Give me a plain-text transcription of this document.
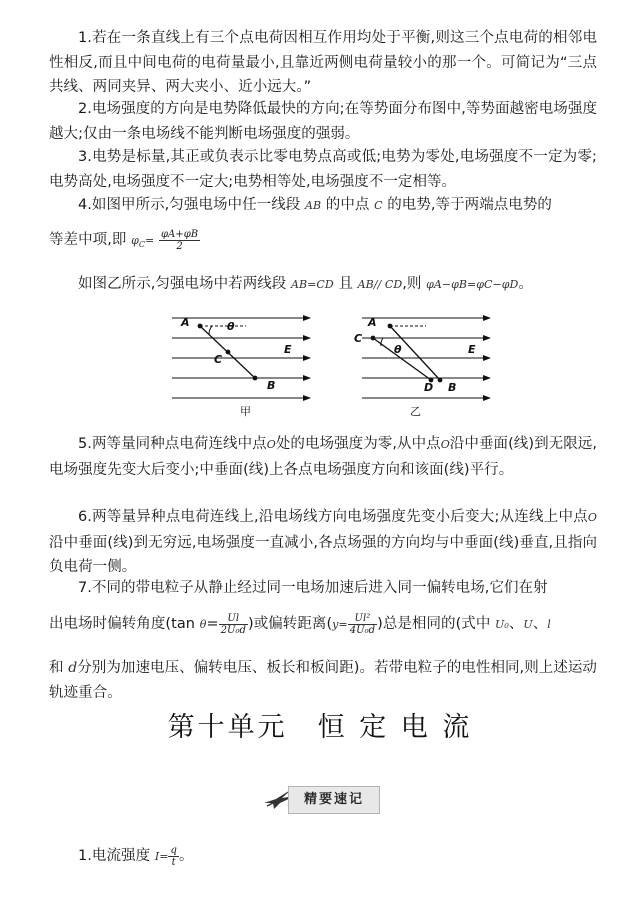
1.若在一条直线上有三个点电荷因相互作用均处于平衡,则这三个点电荷的相邻电性相反,而且中间电荷的电荷量最小,且靠近两侧电荷量较小的那一个。可简记为“三点共线、两同夹异、两大夹小、近小远大。”
2.电场强度的方向是电势降低最快的方向;在等势面分布图中,等势面越密电场强度越大;仅由一条电场线不能判断电场强度的强弱。
3.电势是标量,其正或负表示比零电势点高或低;电势为零处,电场强度不一定为零;电势高处,电场强度不一定大;电势相等处,电场强度不一定相等。
4.如图甲所示,匀强电场中任一线段 AB 的中点 C 的电势,等于两端点电势的
等差中项,即 $\varphi_C= \frac{\varphi A+\varphi B}{2}$
如图乙所示,匀强电场中若两线段 AB=CD 且 AB// CD,则 φA−φB=φC−φD。
A	θ
C
E
B
甲
A
C
θ	E
D B
乙
5.两等量同种点电荷连线中点O处的电场强度为零,从中点O沿中垂面(线)到无限远,电场强度先变大后变小;中垂面(线)上各点电场强度方向和该面(线)平行。
6.两等量异种点电荷连线上,沿电场线方向电场强度先变小后变大;从连线上中点O沿中垂面(线)到无穷远,电场强度一直减小,各点场强的方向均与中垂面(线)垂直,且指向负电荷一侧。
7.不同的带电粒子从静止经过同一电场加速后进入同一偏转电场,它们在射
出电场时偏转角度(tan $\theta= \frac{Ul}{\text{2U₀d}}$ )或偏转距离($y= \frac{\text{Ul²}}{\text{4U₀d}}$ )总是相同的(式中 U₀、U、l
和 d分别为加速电压、偏转电压、板长和板间距)。若带电粒子的电性相同,则上述运动轨迹重合。
第十单元　恒 定 电 流
精要速记
1.电流强度 $I= \frac{q}{t}$ 。
